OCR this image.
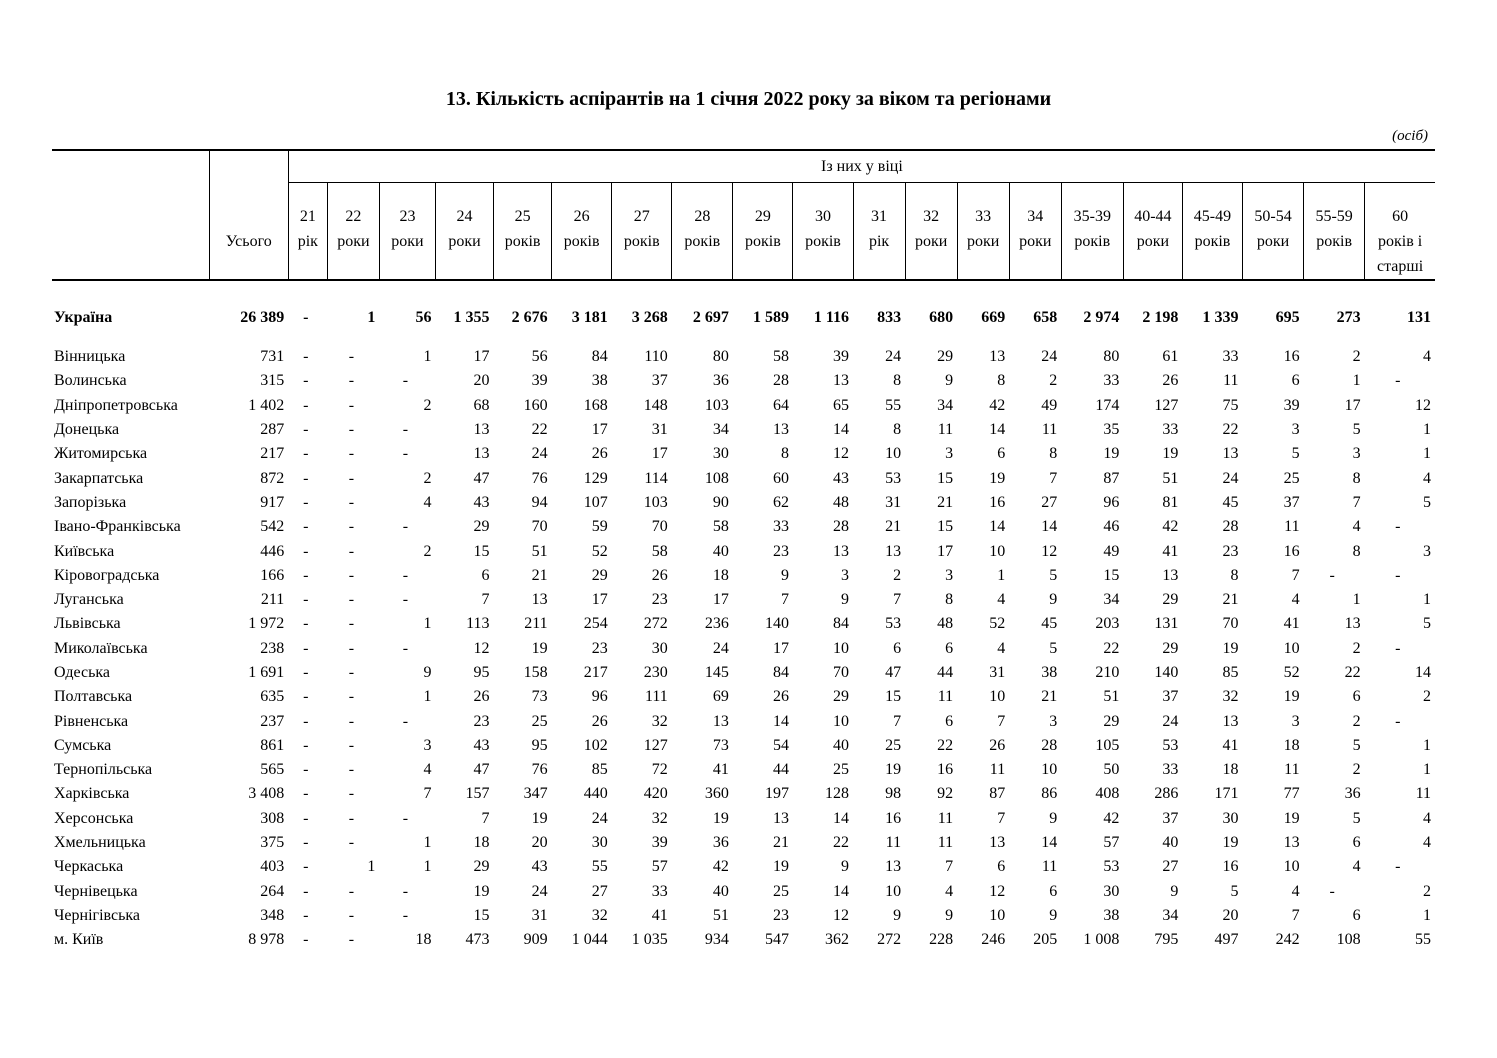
13. Кількість аспірантів на 1 січня 2022 року за віком та регіонами
(осіб)
	Усього	Із них у віці																			
		21
рік	22
роки	23
роки	24
роки	25
років	26
років	27
років	28
років	29
років	30
років	31
рік	32
роки	33
роки	34
роки	35-39
років	40-44
роки	45-49
років	50-54
роки	55-59
років	60
років і
старші
Україна	26 389	-	1	56	1 355	2 676	3 181	3 268	2 697	1 589	1 116	833	680	669	658	2 974	2 198	1 339	695	273	131
Вінницька	731	-	-	1	17	56	84	110	80	58	39	24	29	13	24	80	61	33	16	2	4
Волинська	315	-	-	-	20	39	38	37	36	28	13	8	9	8	2	33	26	11	6	1	-
Дніпропетровська	1 402	-	-	2	68	160	168	148	103	64	65	55	34	42	49	174	127	75	39	17	12
Донецька	287	-	-	-	13	22	17	31	34	13	14	8	11	14	11	35	33	22	3	5	1
Житомирська	217	-	-	-	13	24	26	17	30	8	12	10	3	6	8	19	19	13	5	3	1
Закарпатська	872	-	-	2	47	76	129	114	108	60	43	53	15	19	7	87	51	24	25	8	4
Запорізька	917	-	-	4	43	94	107	103	90	62	48	31	21	16	27	96	81	45	37	7	5
Івано-Франківська	542	-	-	-	29	70	59	70	58	33	28	21	15	14	14	46	42	28	11	4	-
Київська	446	-	-	2	15	51	52	58	40	23	13	13	17	10	12	49	41	23	16	8	3
Кіровоградська	166	-	-	-	6	21	29	26	18	9	3	2	3	1	5	15	13	8	7	-	-
Луганська	211	-	-	-	7	13	17	23	17	7	9	7	8	4	9	34	29	21	4	1	1
Львівська	1 972	-	-	1	113	211	254	272	236	140	84	53	48	52	45	203	131	70	41	13	5
Миколаївська	238	-	-	-	12	19	23	30	24	17	10	6	6	4	5	22	29	19	10	2	-
Одеська	1 691	-	-	9	95	158	217	230	145	84	70	47	44	31	38	210	140	85	52	22	14
Полтавська	635	-	-	1	26	73	96	111	69	26	29	15	11	10	21	51	37	32	19	6	2
Рівненська	237	-	-	-	23	25	26	32	13	14	10	7	6	7	3	29	24	13	3	2	-
Сумська	861	-	-	3	43	95	102	127	73	54	40	25	22	26	28	105	53	41	18	5	1
Тернопільська	565	-	-	4	47	76	85	72	41	44	25	19	16	11	10	50	33	18	11	2	1
Харківська	3 408	-	-	7	157	347	440	420	360	197	128	98	92	87	86	408	286	171	77	36	11
Херсонська	308	-	-	-	7	19	24	32	19	13	14	16	11	7	9	42	37	30	19	5	4
Хмельницька	375	-	-	1	18	20	30	39	36	21	22	11	11	13	14	57	40	19	13	6	4
Черкаська	403	-	1	1	29	43	55	57	42	19	9	13	7	6	11	53	27	16	10	4	-
Чернівецька	264	-	-	-	19	24	27	33	40	25	14	10	4	12	6	30	9	5	4	-	2
Чернігівська	348	-	-	-	15	31	32	41	51	23	12	9	9	10	9	38	34	20	7	6	1
м. Київ	8 978	-	-	18	473	909	1 044	1 035	934	547	362	272	228	246	205	1 008	795	497	242	108	55
